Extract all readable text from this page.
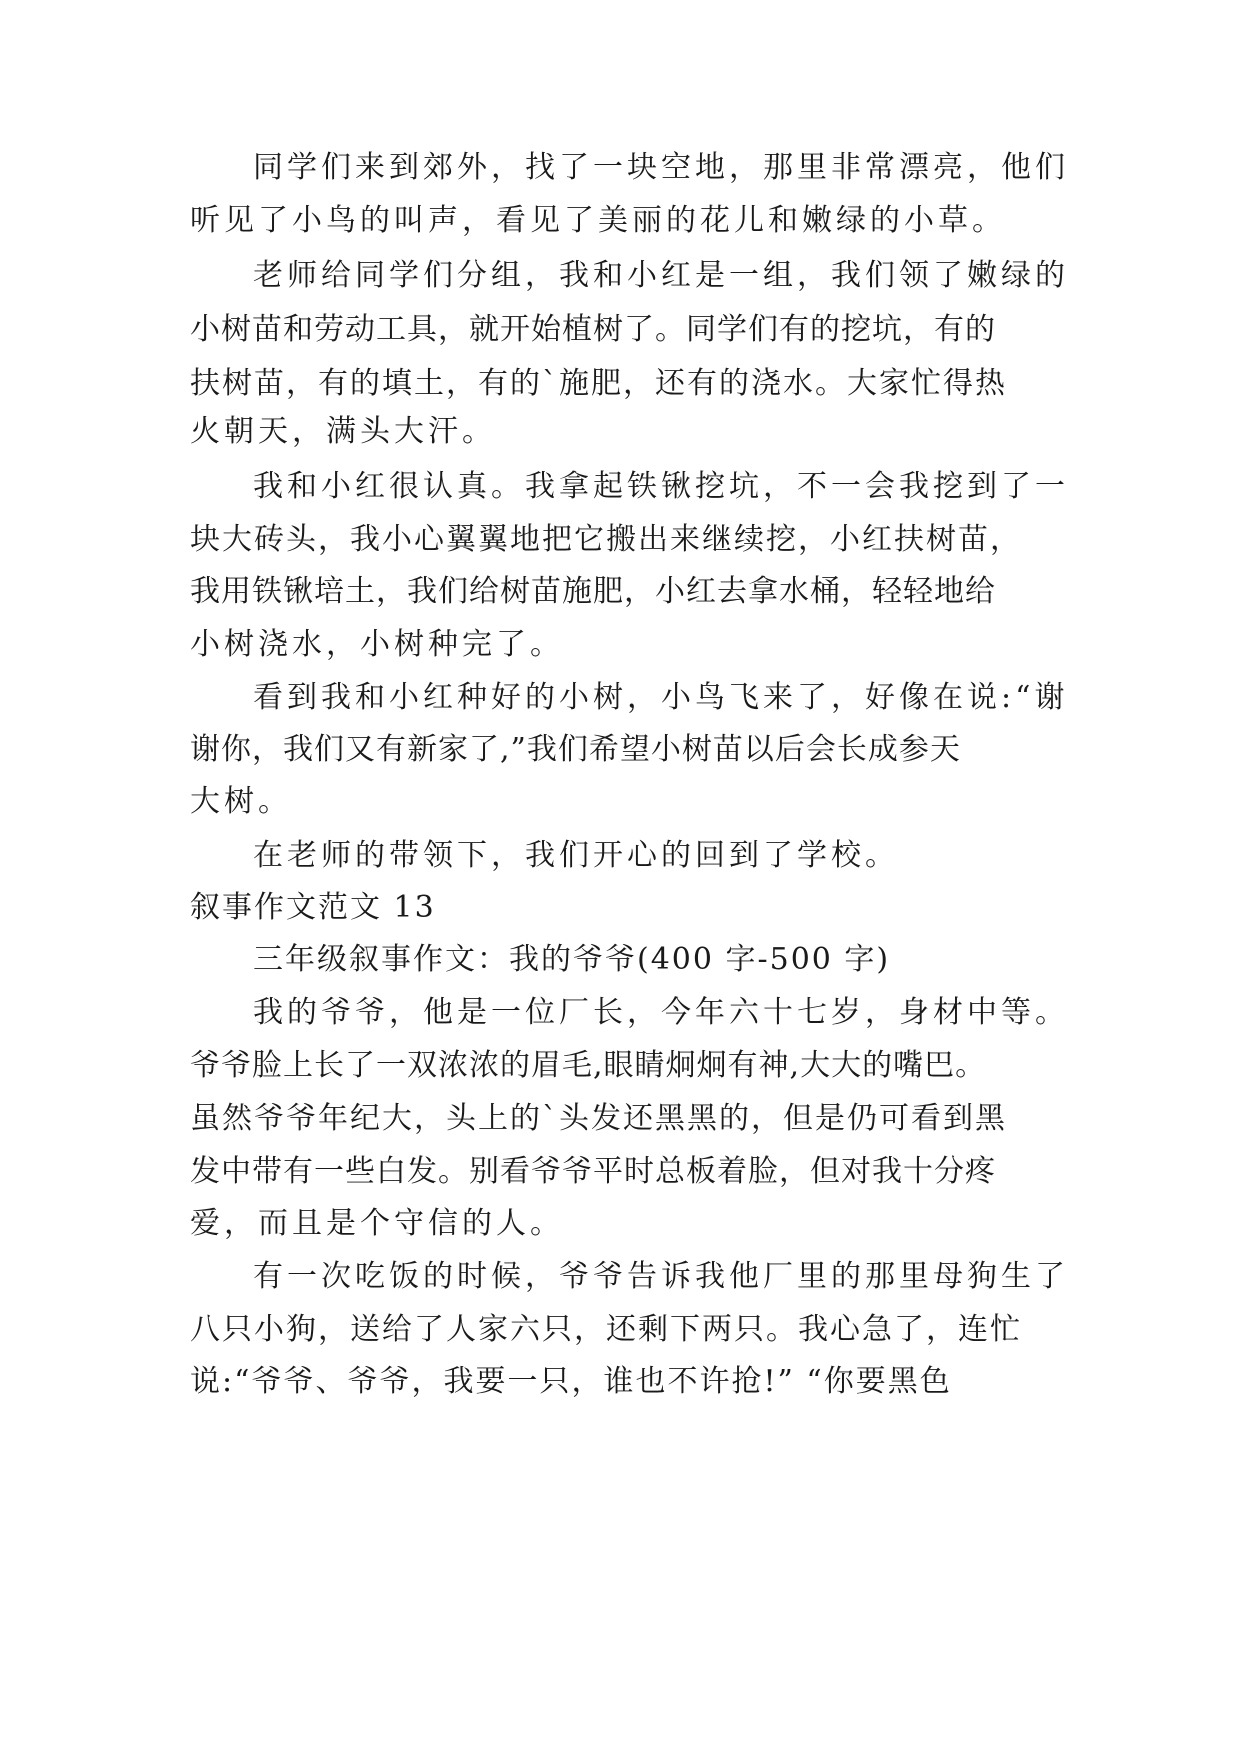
同学们来到郊外，找了一块空地，那里非常漂亮，他们

听见了小鸟的叫声，看见了美丽的花儿和嫩绿的小草。

老师给同学们分组，我和小红是一组，我们领了嫩绿的

小树苗和劳动工具，就开始植树了。同学们有的挖坑，有的

扶树苗，有的填土，有的`施肥，还有的浇水。大家忙得热

火朝天，满头大汗。

我和小红很认真。我拿起铁锹挖坑，不一会我挖到了一

块大砖头，我小心翼翼地把它搬出来继续挖，小红扶树苗，

我用铁锹培土，我们给树苗施肥，小红去拿水桶，轻轻地给

小树浇水，小树种完了。

看到我和小红种好的小树，小鸟飞来了，好像在说:“谢

谢你，我们又有新家了,”我们希望小树苗以后会长成参天

大树。

在老师的带领下，我们开心的回到了学校。

叙事作文范文 13

三年级叙事作文：我的爷爷(400 字-500 字)

我的爷爷，他是一位厂长，今年六十七岁，身材中等。

爷爷脸上长了一双浓浓的眉毛,眼睛炯炯有神,大大的嘴巴。

虽然爷爷年纪大，头上的`头发还黑黑的，但是仍可看到黑

发中带有一些白发。别看爷爷平时总板着脸，但对我十分疼

爱，而且是个守信的人。

有一次吃饭的时候，爷爷告诉我他厂里的那里母狗生了

八只小狗，送给了人家六只，还剩下两只。我心急了，连忙

说:“爷爷、爷爷，我要一只，谁也不许抢!” “你要黑色
